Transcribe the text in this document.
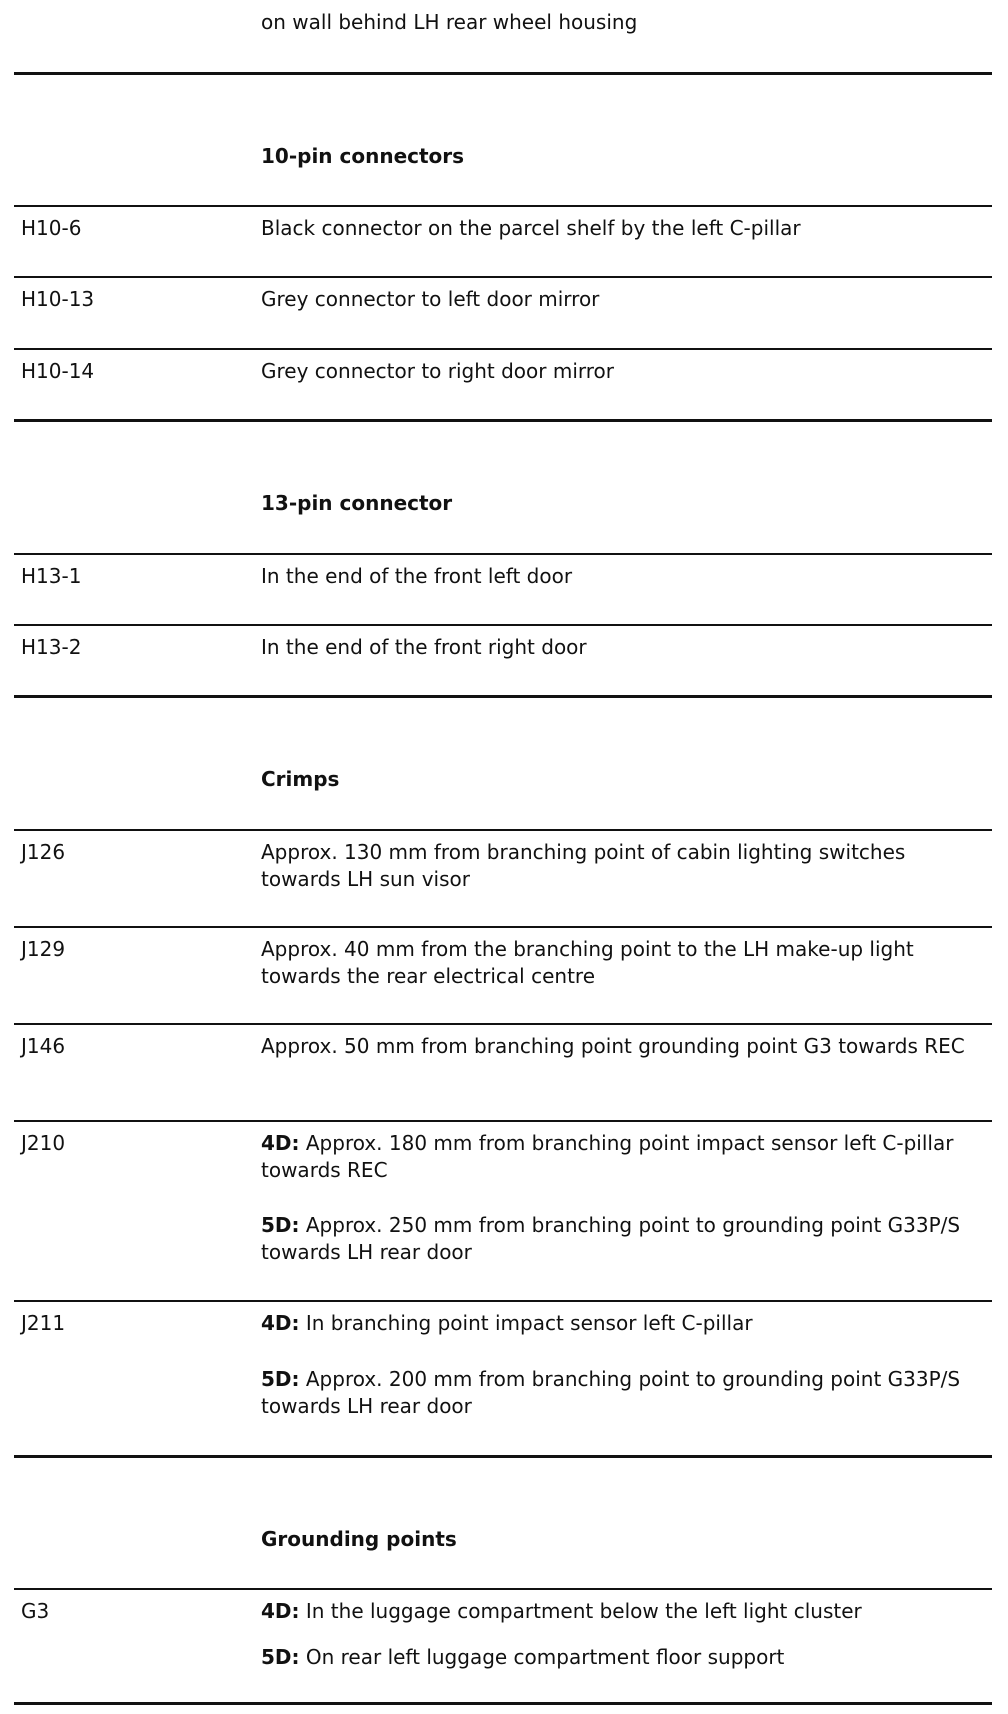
on wall behind LH rear wheel housing
10-pin connectors
H10-6	Black connector on the parcel shelf by the left C-pillar
H10-13	Grey connector to left door mirror
H10-14	Grey connector to right door mirror
13-pin connector
H13-1	In the end of the front left door
H13-2	In the end of the front right door
Crimps
J126	Approx. 130 mm from branching point of cabin lighting switches towards LH sun visor
J129	Approx. 40 mm from the branching point to the LH make-up light towards the rear electrical centre
J146	Approx. 50 mm from branching point grounding point G3 towards REC
J210	4D: Approx. 180 mm from branching point impact sensor left C-pillar towards REC
5D: Approx. 250 mm from branching point to grounding point G33P/S towards LH rear door
J211	4D: In branching point impact sensor left C-pillar
5D: Approx. 200 mm from branching point to grounding point G33P/S towards LH rear door
Grounding points
G3	4D: In the luggage compartment below the left light cluster
5D: On rear left luggage compartment floor support
